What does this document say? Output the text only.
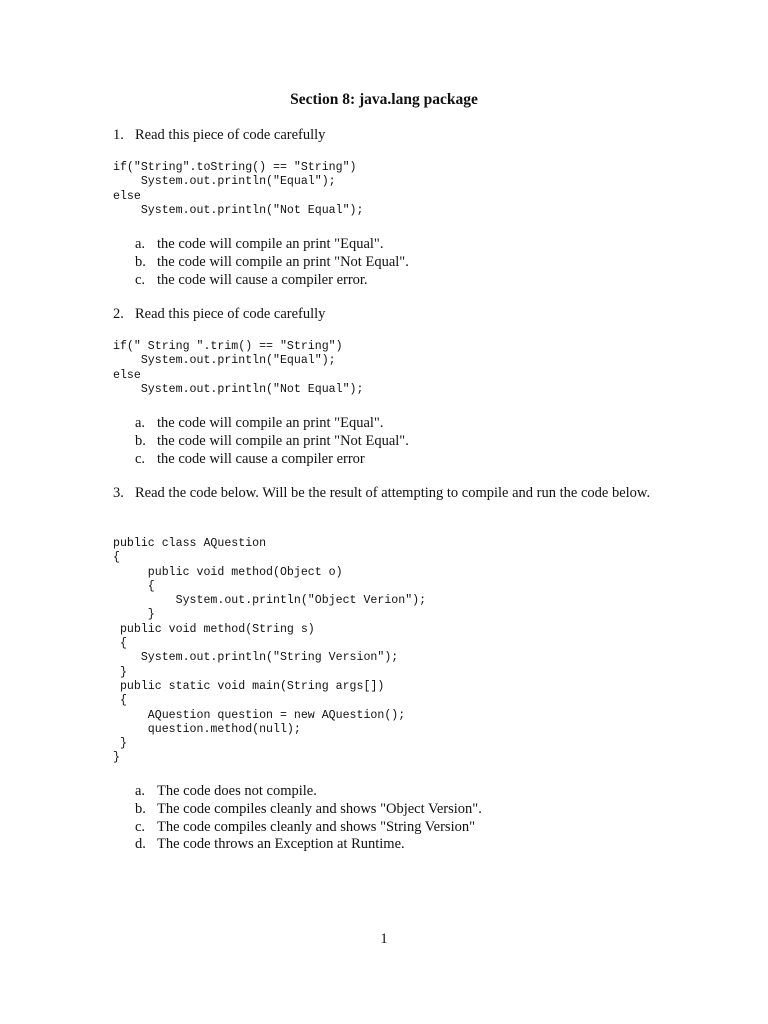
Section 8: java.lang package
1. Read this piece of code carefully
if("String".toString() == "String")
System.out.println("Equal");
else
System.out.println("Not Equal");
a. the code will compile an print "Equal".
b. the code will compile an print "Not Equal".
c. the code will cause a compiler error.
2. Read this piece of code carefully
if(" String ".trim() == "String")
System.out.println("Equal");
else
System.out.println("Not Equal");
a. the code will compile an print "Equal".
b. the code will compile an print "Not Equal".
c. the code will cause a compiler error
3. Read the code below. Will be the result of attempting to compile and run the code below.
public class AQuestion
{
public void method(Object o)
{
System.out.println("Object Verion");
}
public void method(String s)
{
System.out.println("String Version");
}
public static void main(String args[])
{
AQuestion question = new AQuestion();
question.method(null);
}
}
a. The code does not compile.
b. The code compiles cleanly and shows "Object Version".
c. The code compiles cleanly and shows "String Version"
d. The code throws an Exception at Runtime.
1
